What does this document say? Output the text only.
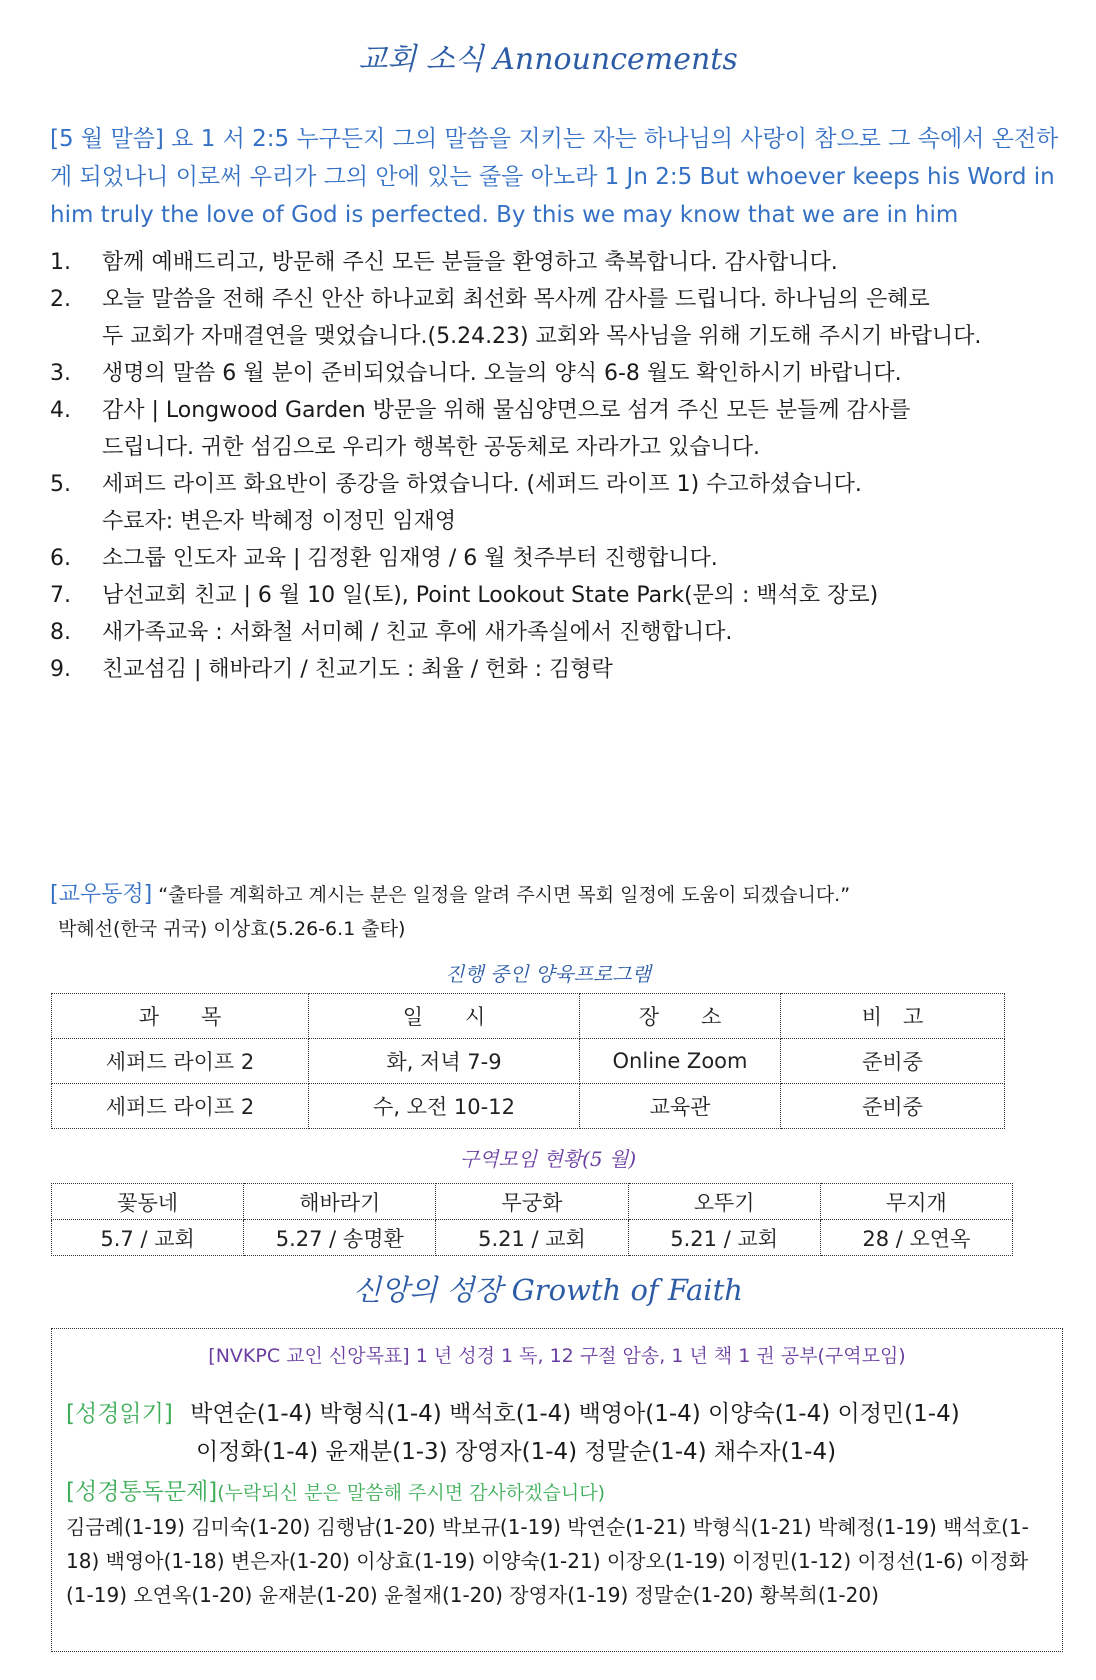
교회 소식 Announcements
[5 월 말씀] 요 1 서 2:5 누구든지 그의 말씀을 지키는 자는 하나님의 사랑이 참으로 그 속에서 온전하게 되었나니 이로써 우리가 그의 안에 있는 줄을 아노라 1 Jn 2:5 But whoever keeps his Word in him truly the love of God is perfected. By this we may know that we are in him
1. 함께 예배드리고, 방문해 주신 모든 분들을 환영하고 축복합니다. 감사합니다.
2. 오늘 말씀을 전해 주신 안산 하나교회 최선화 목사께 감사를 드립니다. 하나님의 은혜로
두 교회가 자매결연을 맺었습니다.(5.24.23) 교회와 목사님을 위해 기도해 주시기 바랍니다.
3. 생명의 말씀 6 월 분이 준비되었습니다. 오늘의 양식 6-8 월도 확인하시기 바랍니다.
4. 감사 | Longwood Garden 방문을 위해 물심양면으로 섬겨 주신 모든 분들께 감사를
드립니다. 귀한 섬김으로 우리가 행복한 공동체로 자라가고 있습니다.
5. 세퍼드 라이프 화요반이 종강을 하였습니다. (세퍼드 라이프 1) 수고하셨습니다.
수료자: 변은자 박혜정 이정민 임재영
6. 소그룹 인도자 교육 | 김정환 임재영 / 6 월 첫주부터 진행합니다.
7. 남선교회 친교 | 6 월 10 일(토), Point Lookout State Park(문의 : 백석호 장로)
8. 새가족교육 : 서화철 서미혜 / 친교 후에 새가족실에서 진행합니다.
9. 친교섬김 | 해바라기 / 친교기도 : 최율 / 헌화 : 김형락
[교우동정] “출타를 계획하고 계시는 분은 일정을 알려 주시면 목회 일정에 도움이 되겠습니다.”
박혜선(한국 귀국) 이상효(5.26-6.1 출타)
진행 중인 양육프로그램
과　　목	일　　시	장　　소	비　고
세퍼드 라이프 2	화, 저녁 7-9	Online Zoom	준비중
세퍼드 라이프 2	수, 오전 10-12	교육관	준비중
구역모임 현황(5 월)
꽃동네	해바라기	무궁화	오뚜기	무지개
5.7 / 교회	5.27 / 송명환	5.21 / 교회	5.21 / 교회	28 / 오연옥
신앙의 성장 Growth of Faith
[NVKPC 교인 신앙목표] 1 년 성경 1 독, 12 구절 암송, 1 년 책 1 권 공부(구역모임)
[성경읽기] 박연순(1-4) 박형식(1-4) 백석호(1-4) 백영아(1-4) 이양숙(1-4) 이정민(1-4)
이정화(1-4) 윤재분(1-3) 장영자(1-4) 정말순(1-4) 채수자(1-4)
[성경통독문제](누락되신 분은 말씀해 주시면 감사하겠습니다)
김금례(1-19) 김미숙(1-20) 김행남(1-20) 박보규(1-19) 박연순(1-21) 박형식(1-21) 박혜정(1-19) 백석호(1-18) 백영아(1-18) 변은자(1-20) 이상효(1-19) 이양숙(1-21) 이장오(1-19) 이정민(1-12) 이정선(1-6) 이정화 (1-19) 오연옥(1-20) 윤재분(1-20) 윤철재(1-20) 장영자(1-19) 정말순(1-20) 황복희(1-20)
